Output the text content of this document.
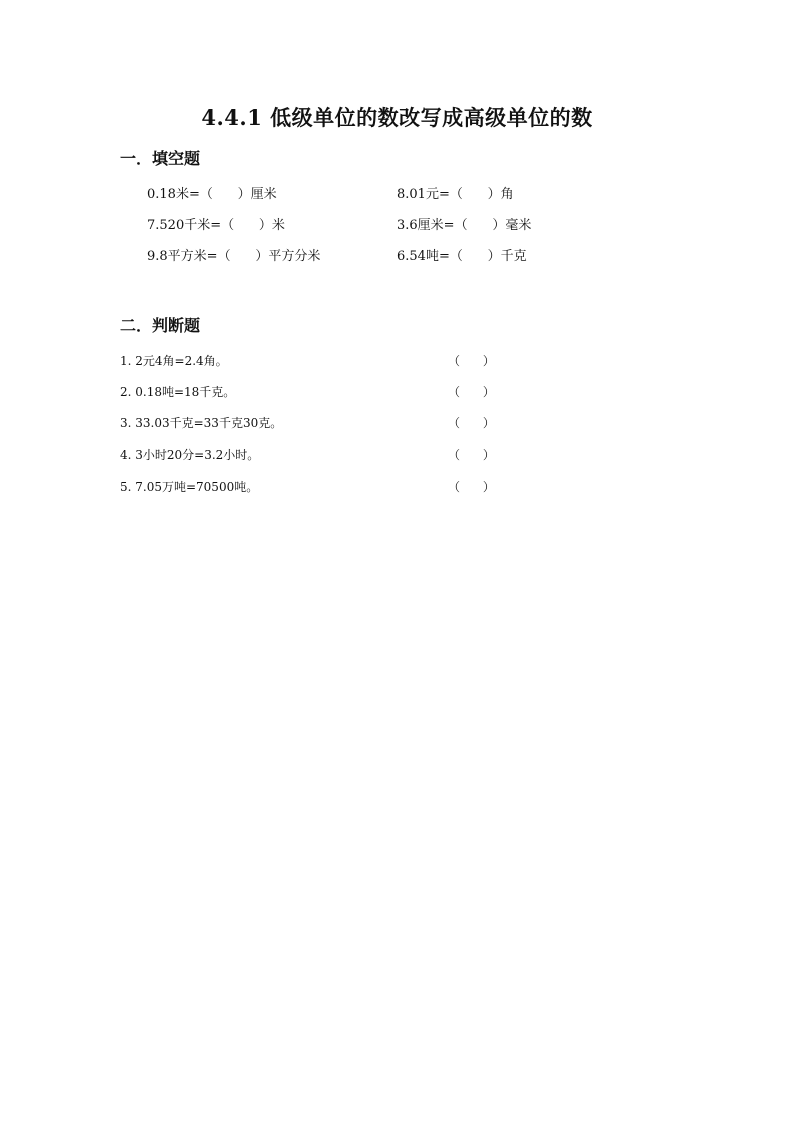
4.4.1 低级单位的数改写成高级单位的数
一．填空题
0.18米=（      ）厘米	8.01元=（      ）角
7.520千米=（      ）米	3.6厘米=（      ）毫米
9.8平方米=（      ）平方分米	6.54吨=（      ）千克
二．判断题
1. 2元4角=2.4角。	（      ）
2. 0.18吨=18千克。	（      ）
3. 33.03千克=33千克30克。	（      ）
4. 3小时20分=3.2小时。	（      ）
5. 7.05万吨=70500吨。	（      ）
